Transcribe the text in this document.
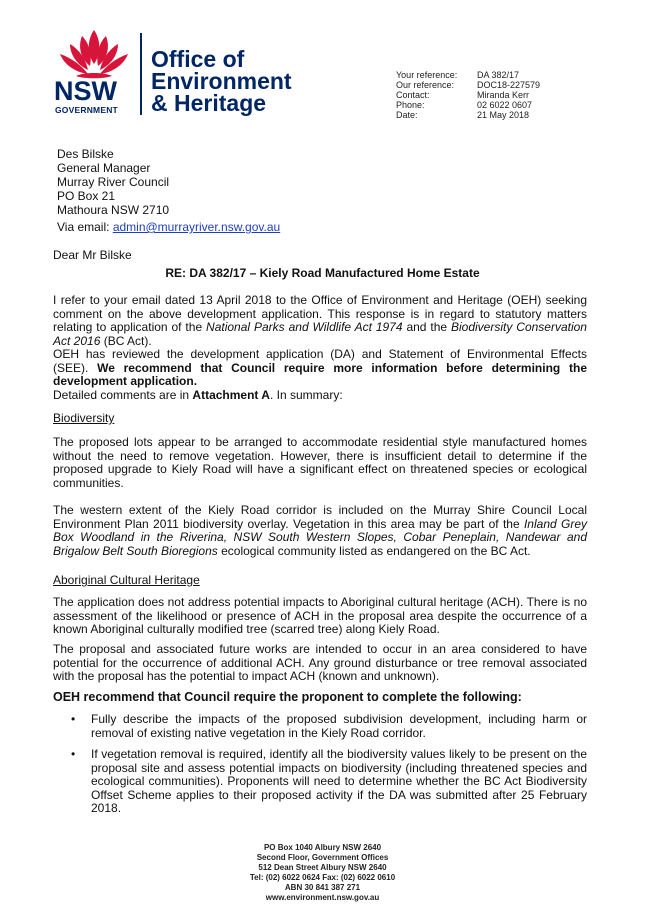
NSW
GOVERNMENT
Office of
Environment
& Heritage
Your reference: DA 382/17
Our reference:	DOC18-227579
Contact:	Miranda Kerr
Phone:	02 6022 0607
Date:	21 May 2018
Des Bilske
General Manager
Murray River Council
PO Box 21
Mathoura NSW 2710
Via email: admin@murrayriver.nsw.gov.au
Dear Mr Bilske
RE: DA 382/17 – Kiely Road Manufactured Home Estate
I refer to your email dated 13 April 2018 to the Office of Environment and Heritage (OEH) seeking comment on the above development application. This response is in regard to statutory matters relating to application of the National Parks and Wildlife Act 1974 and the Biodiversity Conservation Act 2016 (BC Act).
OEH has reviewed the development application (DA) and Statement of Environmental Effects (SEE). We recommend that Council require more information before determining the development application.
Detailed comments are in Attachment A. In summary:
Biodiversity
The proposed lots appear to be arranged to accommodate residential style manufactured homes without the need to remove vegetation. However, there is insufficient detail to determine if the proposed upgrade to Kiely Road will have a significant effect on threatened species or ecological communities.
The western extent of the Kiely Road corridor is included on the Murray Shire Council Local Environment Plan 2011 biodiversity overlay. Vegetation in this area may be part of the Inland Grey Box Woodland in the Riverina, NSW South Western Slopes, Cobar Peneplain, Nandewar and Brigalow Belt South Bioregions ecological community listed as endangered on the BC Act.
Aboriginal Cultural Heritage
The application does not address potential impacts to Aboriginal cultural heritage (ACH). There is no assessment of the likelihood or presence of ACH in the proposal area despite the occurrence of a known Aboriginal culturally modified tree (scarred tree) along Kiely Road.
The proposal and associated future works are intended to occur in an area considered to have potential for the occurrence of additional ACH. Any ground disturbance or tree removal associated with the proposal has the potential to impact ACH (known and unknown).
OEH recommend that Council require the proponent to complete the following:
• Fully describe the impacts of the proposed subdivision development, including harm or removal of existing native vegetation in the Kiely Road corridor.
• If vegetation removal is required, identify all the biodiversity values likely to be present on the proposal site and assess potential impacts on biodiversity (including threatened species and ecological communities). Proponents will need to determine whether the BC Act Biodiversity Offset Scheme applies to their proposed activity if the DA was submitted after 25 February 2018.
PO Box 1040 Albury NSW 2640
Second Floor, Government Offices
512 Dean Street Albury NSW 2640
Tel: (02) 6022 0624 Fax: (02) 6022 0610
ABN 30 841 387 271
www.environment.nsw.gov.au
